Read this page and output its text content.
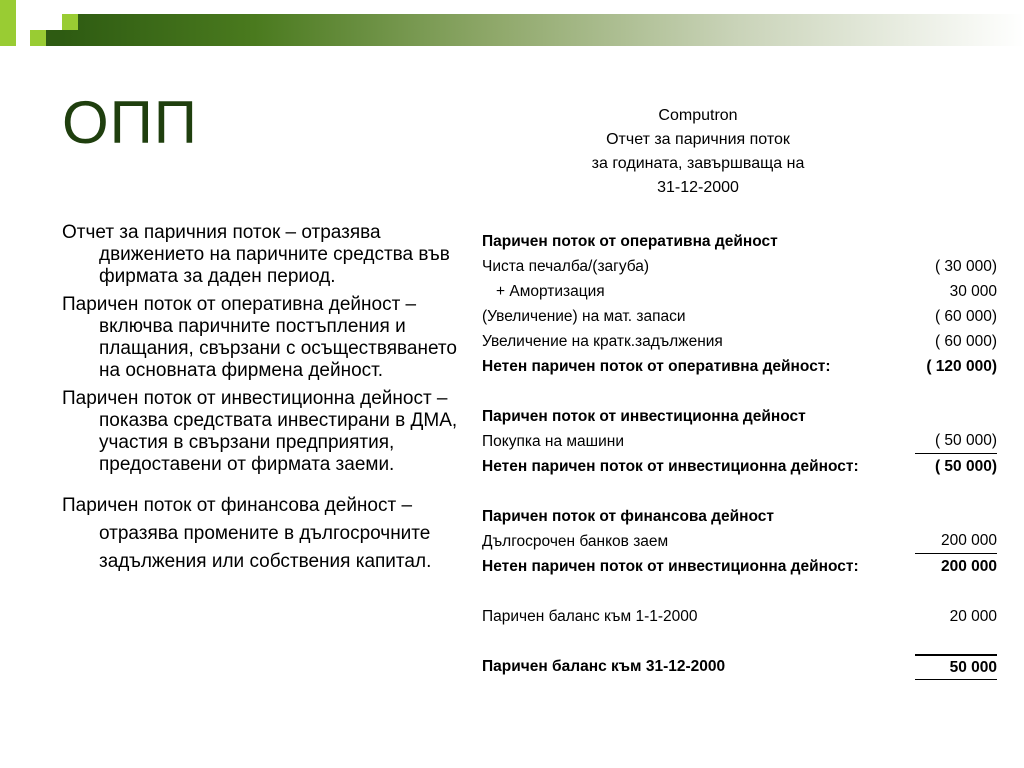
ОПП

Отчет за паричния поток – отразява движението на паричните средства във фирмата за даден период.

Паричен поток от оперативна дейност – включва паричните постъпления и плащания, свързани с осъществяването на основната фирмена дейност.

Паричен поток от инвестиционна дейност – показва средствата инвестирани в ДМА, участия в свързани предприятия, предоставени от фирмата заеми.

Паричен поток от финансова дейност – отразява промените в дългосрочните задължения или собствения капитал.

Computron
Отчет за паричния поток
за годината, завършваща на
31-12-2000
Паричен поток от оперативна дейност
Чиста печалба/(загуба)	( 30 000)
+ Амортизация	30 000
(Увеличение) на мат. запаси	( 60 000)
Увеличение на кратк.задължения	( 60 000)
Нетен паричен поток от оперативна дейност:	( 120 000)
Паричен поток от инвестиционна дейност
Покупка на машини	( 50 000)
Нетен паричен поток от инвестиционна дейност:	( 50 000)
Паричен поток от финансова дейност
Дългосрочен банков заем	200 000
Нетен паричен поток от инвестиционна дейност:	200 000
Паричен баланс към 1-1-2000	20 000
Паричен баланс към 31-12-2000	50 000
